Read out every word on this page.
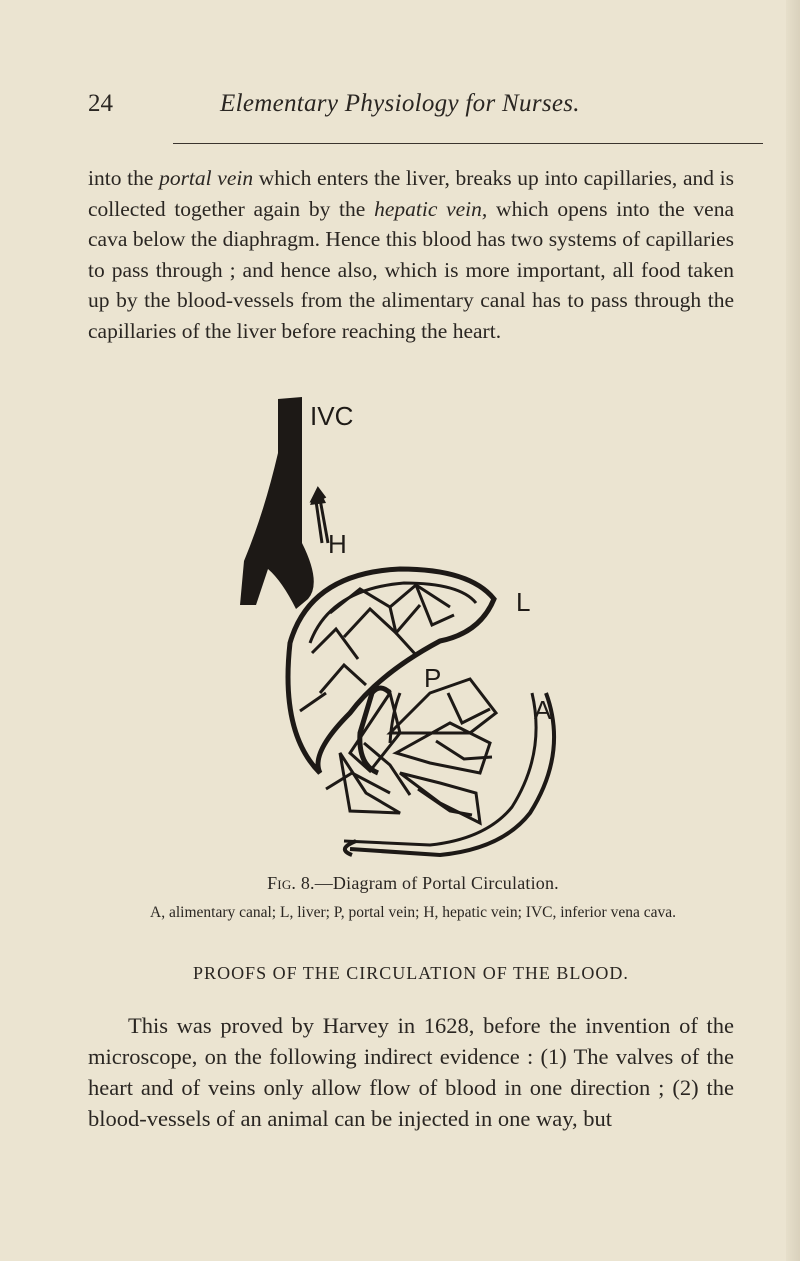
24	Elementary Physiology for Nurses.
into the portal vein which enters the liver, breaks up into capillaries, and is collected together again by the hepatic vein, which opens into the vena cava below the diaphragm. Hence this blood has two systems of capillaries to pass through ; and hence also, which is more important, all food taken up by the blood-vessels from the alimentary canal has to pass through the capillaries of the liver before reaching the heart.
IVC
H
L
P
A
Fig. 8.—Diagram of Portal Circulation.
A, alimentary canal; L, liver; P, portal vein; H, hepatic vein; IVC, inferior vena cava.
PROOFS OF THE CIRCULATION OF THE BLOOD.
This was proved by Harvey in 1628, before the invention of the microscope, on the following indirect evidence : (1) The valves of the heart and of veins only allow flow of blood in one direction ; (2) the blood-vessels of an animal can be injected in one way, but
